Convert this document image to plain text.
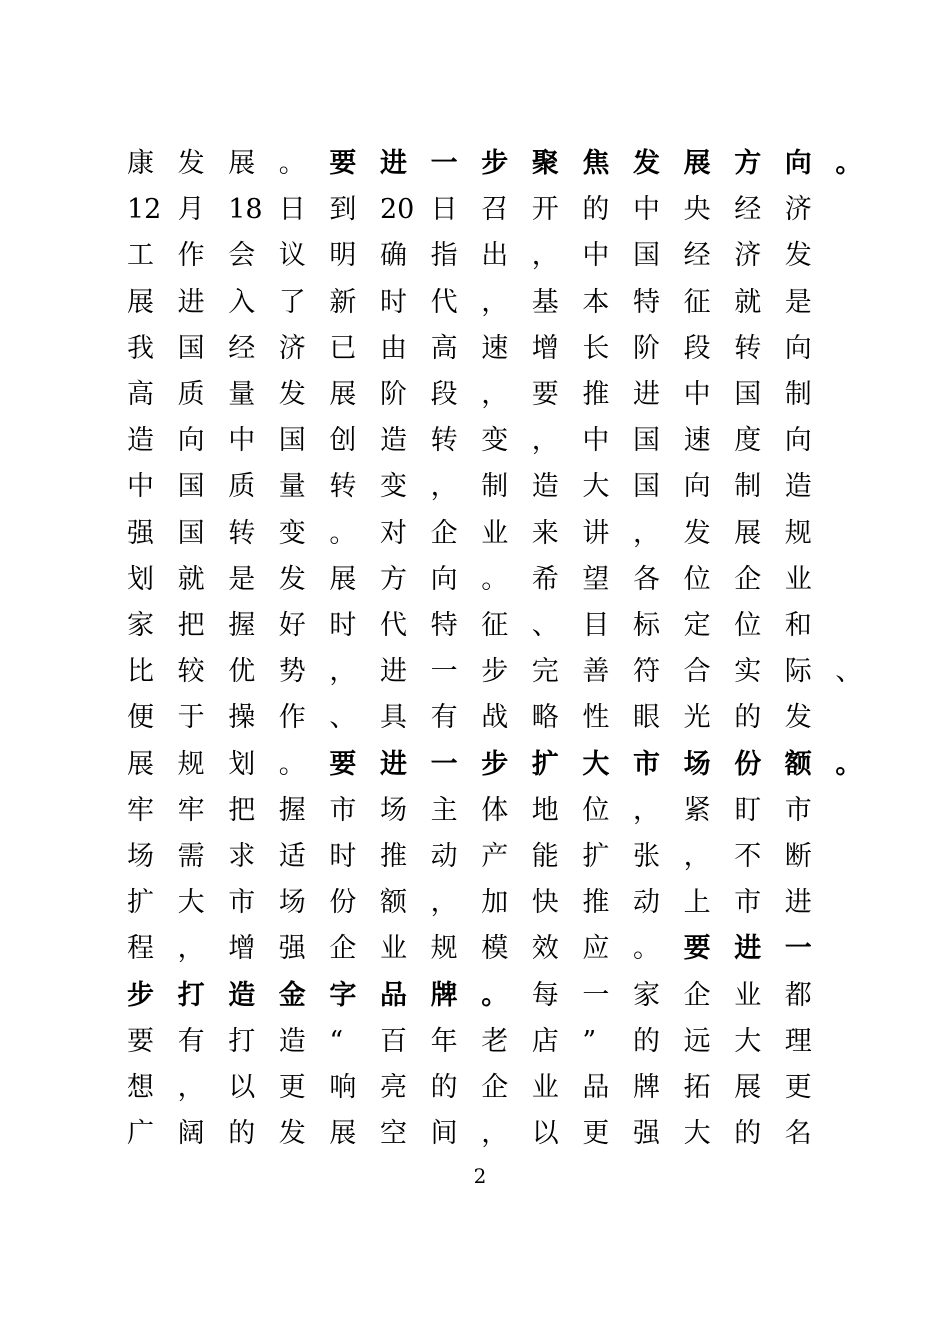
康 发 展 。 要 进 一 步 聚 焦 发 展 方 向 。
12 月 18 日 到 20 日 召 开 的 中 央 经 济
工 作 会 议 明 确 指 出 ， 中 国 经 济 发
展 进 入 了 新 时 代 ， 基 本 特 征 就 是
我 国 经 济 已 由 高 速 增 长 阶 段 转 向
高 质 量 发 展 阶 段 ， 要 推 进 中 国 制
造 向 中 国 创 造 转 变 ， 中 国 速 度 向
中 国 质 量 转 变 ， 制 造 大 国 向 制 造
强 国 转 变 。 对 企 业 来 讲 ， 发 展 规
划 就 是 发 展 方 向 。 希 望 各 位 企 业
家 把 握 好 时 代 特 征 、 目 标 定 位 和
比 较 优 势 ， 进 一 步 完 善 符 合 实 际 、
便 于 操 作 、 具 有 战 略 性 眼 光 的 发
展 规 划 。 要 进 一 步 扩 大 市 场 份 额 。
牢 牢 把 握 市 场 主 体 地 位 ， 紧 盯 市
场 需 求 适 时 推 动 产 能 扩 张 ， 不 断
扩 大 市 场 份 额 ， 加 快 推 动 上 市 进
程 ， 增 强 企 业 规 模 效 应 。 要 进 一
步 打 造 金 字 品 牌 。 每 一 家 企 业 都
要 有 打 造 “ 百 年 老 店 ” 的 远 大 理
想 ， 以 更 响 亮 的 企 业 品 牌 拓 展 更
广 阔 的 发 展 空 间 ， 以 更 强 大 的 名
2
